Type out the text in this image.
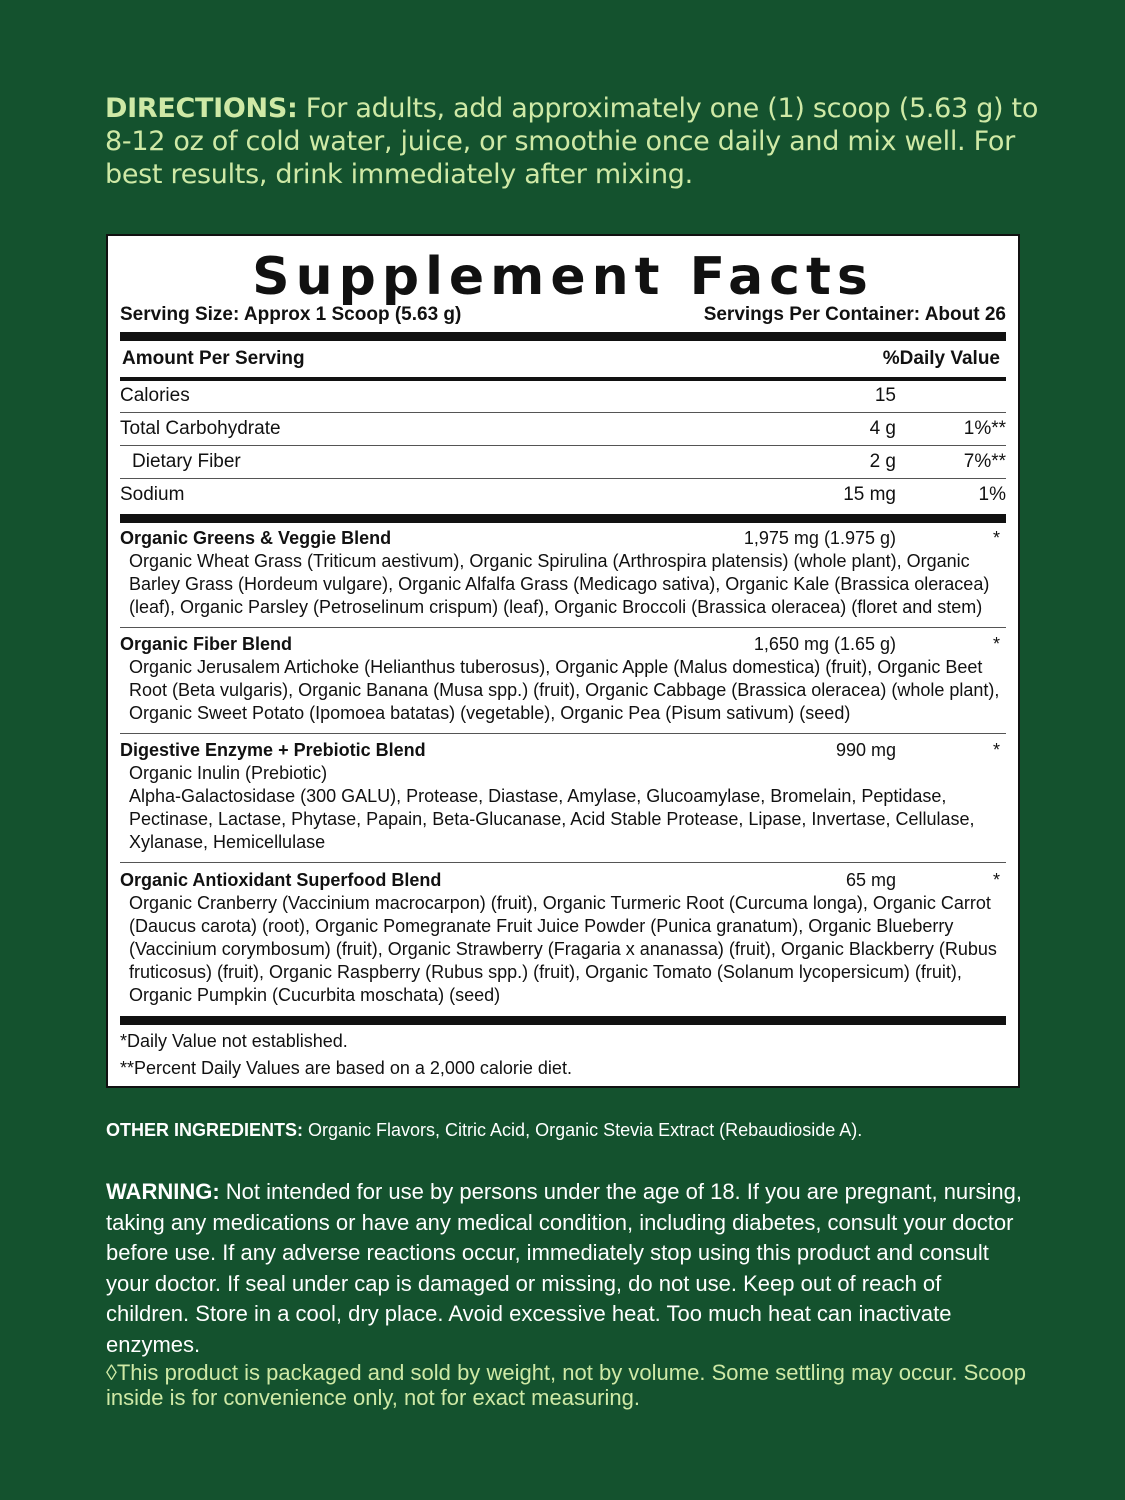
DIRECTIONS: For adults, add approximately one (1) scoop (5.63 g) to 8-12 oz of cold water, juice, or smoothie once daily and mix well. For best results, drink immediately after mixing.
Supplement Facts
Serving Size: Approx 1 Scoop (5.63 g)	Servings Per Container: About 26
Amount Per Serving	%Daily Value
Calories	15
Total Carbohydrate	4 g	1%**
Dietary Fiber	2 g	7%**
Sodium	15 mg	1%
Organic Greens & Veggie Blend	1,975 mg (1.975 g)	*
Organic Wheat Grass (Triticum aestivum), Organic Spirulina (Arthrospira platensis) (whole plant), Organic Barley Grass (Hordeum vulgare), Organic Alfalfa Grass (Medicago sativa), Organic Kale (Brassica oleracea) (leaf), Organic Parsley (Petroselinum crispum) (leaf), Organic Broccoli (Brassica oleracea) (floret and stem)
Organic Fiber Blend	1,650 mg (1.65 g)	*
Organic Jerusalem Artichoke (Helianthus tuberosus), Organic Apple (Malus domestica) (fruit), Organic Beet Root (Beta vulgaris), Organic Banana (Musa spp.) (fruit), Organic Cabbage (Brassica oleracea) (whole plant), Organic Sweet Potato (Ipomoea batatas) (vegetable), Organic Pea (Pisum sativum) (seed)
Digestive Enzyme + Prebiotic Blend	990 mg	*
Organic Inulin (Prebiotic)
Alpha-Galactosidase (300 GALU), Protease, Diastase, Amylase, Glucoamylase, Bromelain, Peptidase, Pectinase, Lactase, Phytase, Papain, Beta-Glucanase, Acid Stable Protease, Lipase, Invertase, Cellulase, Xylanase, Hemicellulase
Organic Antioxidant Superfood Blend	65 mg	*
Organic Cranberry (Vaccinium macrocarpon) (fruit), Organic Turmeric Root (Curcuma longa), Organic Carrot (Daucus carota) (root), Organic Pomegranate Fruit Juice Powder (Punica granatum), Organic Blueberry (Vaccinium corymbosum) (fruit), Organic Strawberry (Fragaria x ananassa) (fruit), Organic Blackberry (Rubus fruticosus) (fruit), Organic Raspberry (Rubus spp.) (fruit), Organic Tomato (Solanum lycopersicum) (fruit), Organic Pumpkin (Cucurbita moschata) (seed)
*Daily Value not established.
**Percent Daily Values are based on a 2,000 calorie diet.
OTHER INGREDIENTS: Organic Flavors, Citric Acid, Organic Stevia Extract (Rebaudioside A).
WARNING: Not intended for use by persons under the age of 18. If you are pregnant, nursing, taking any medications or have any medical condition, including diabetes, consult your doctor before use. If any adverse reactions occur, immediately stop using this product and consult your doctor. If seal under cap is damaged or missing, do not use. Keep out of reach of children. Store in a cool, dry place. Avoid excessive heat. Too much heat can inactivate enzymes.
◊This product is packaged and sold by weight, not by volume. Some settling may occur. Scoop inside is for convenience only, not for exact measuring.
